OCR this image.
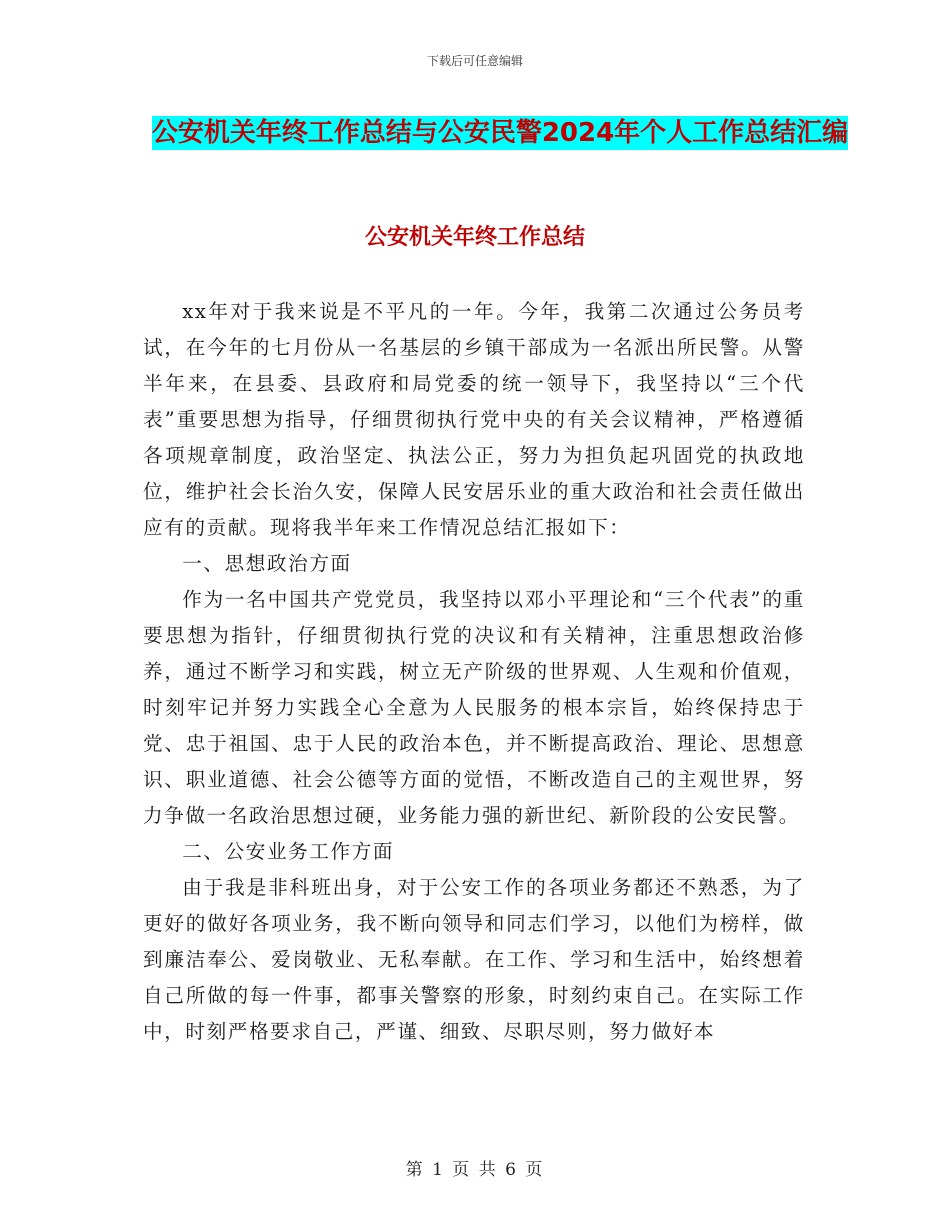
下载后可任意编辑
公安机关年终工作总结与公安民警2024年个人工作总结汇编
公安机关年终工作总结

xx年对于我来说是不平凡的一年。今年，我第二次通过公务员考试，在今年的七月份从一名基层的乡镇干部成为一名派出所民警。从警半年来，在县委、县政府和局党委的统一领导下，我坚持以“三个代表”重要思想为指导，仔细贯彻执行党中央的有关会议精神，严格遵循各项规章制度，政治坚定、执法公正，努力为担负起巩固党的执政地位，维护社会长治久安，保障人民安居乐业的重大政治和社会责任做出应有的贡献。现将我半年来工作情况总结汇报如下：

一、思想政治方面

作为一名中国共产党党员，我坚持以邓小平理论和“三个代表”的重要思想为指针，仔细贯彻执行党的决议和有关精神，注重思想政治修养，通过不断学习和实践，树立无产阶级的世界观、人生观和价值观，时刻牢记并努力实践全心全意为人民服务的根本宗旨，始终保持忠于党、忠于祖国、忠于人民的政治本色，并不断提高政治、理论、思想意识、职业道德、社会公德等方面的觉悟，不断改造自己的主观世界，努力争做一名政治思想过硬，业务能力强的新世纪、新阶段的公安民警。

二、公安业务工作方面

由于我是非科班出身，对于公安工作的各项业务都还不熟悉，为了更好的做好各项业务，我不断向领导和同志们学习，以他们为榜样，做到廉洁奉公、爱岗敬业、无私奉献。在工作、学习和生活中，始终想着自己所做的每一件事，都事关警察的形象，时刻约束自己。在实际工作中，时刻严格要求自己，严谨、细致、尽职尽则，努力做好本

第 1 页 共 6 页
